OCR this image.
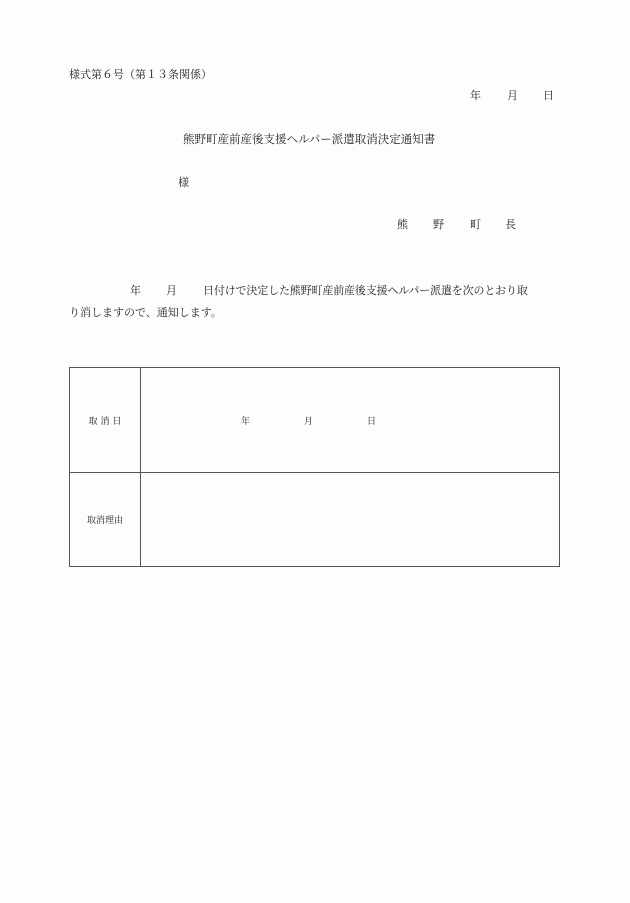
様式第６号（第１３条関係）
年 月 日
熊野町産前産後支援ヘルパー派遣取消決定通知書
様
熊 野 町 長
年 月 日付けで決定した熊野町産前産後支援ヘルパー派遣を次のとおり取
り消しますので、通知します。
取 消 日	年 月 日
取消理由	
